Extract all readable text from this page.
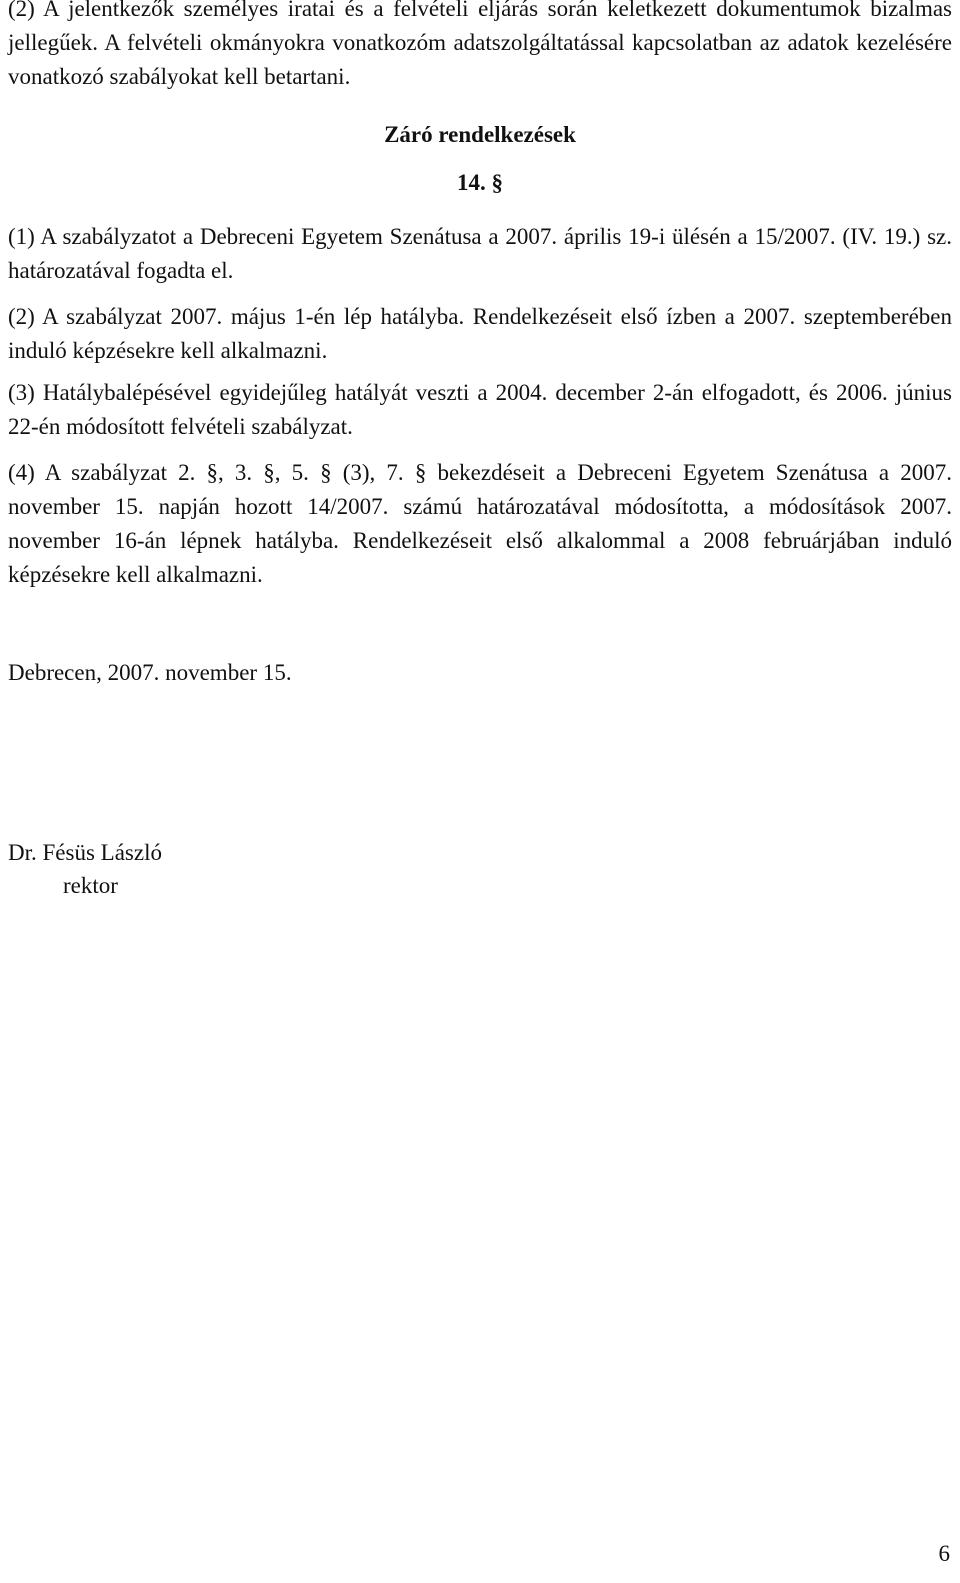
(2) A jelentkezők személyes iratai és a felvételi eljárás során keletkezett dokumentumok bizalmas jellegűek. A felvételi okmányokra vonatkozóm adatszolgáltatással kapcsolatban az adatok kezelésére vonatkozó szabályokat kell betartani.

Záró rendelkezések
14. §

(1) A szabályzatot a Debreceni Egyetem Szenátusa a 2007. április 19-i ülésén a 15/2007. (IV. 19.) sz. határozatával fogadta el.

(2) A szabályzat 2007. május 1-én lép hatályba. Rendelkezéseit első ízben a 2007. szeptemberében induló képzésekre kell alkalmazni.

(3) Hatálybalépésével egyidejűleg hatályát veszti a 2004. december 2-án elfogadott, és 2006. június 22-én módosított felvételi szabályzat.

(4) A szabályzat 2. §, 3. §, 5. § (3), 7. § bekezdéseit a Debreceni Egyetem Szenátusa a 2007. november 15. napján hozott 14/2007. számú határozatával módosította, a módosítások 2007. november 16-án lépnek hatályba. Rendelkezéseit első alkalommal a 2008 februárjában induló képzésekre kell alkalmazni.

Debrecen, 2007. november 15.

Dr. Fésüs László

rektor

6
